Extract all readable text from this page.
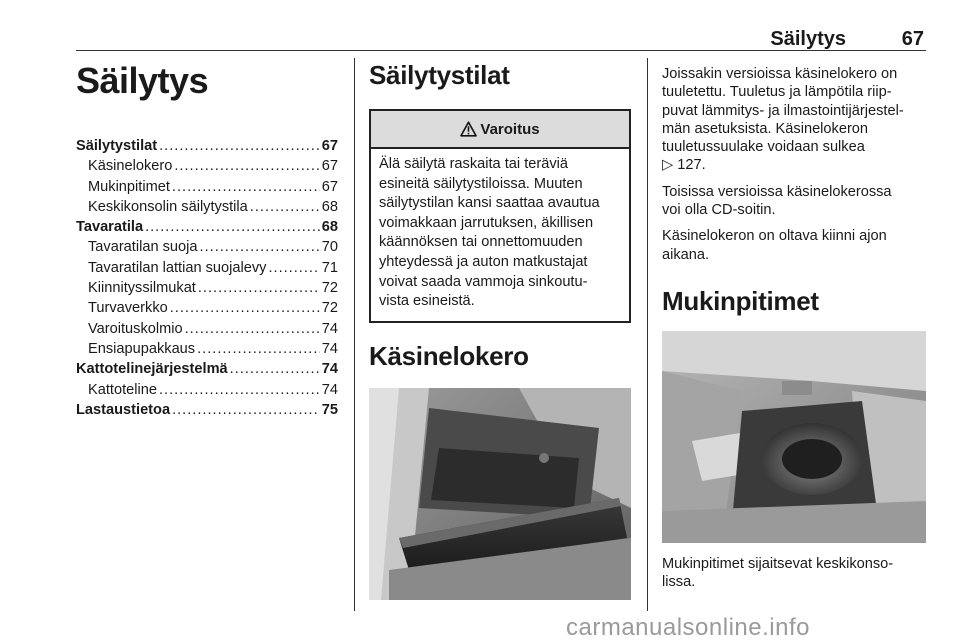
Säilytys	67
Säilytys
Säilytystilat .....	67
Käsinelokero .....	67
Mukinpitimet .....	67
Keskikonsolin säilytystila .....	68
Tavaratila .....	68
Tavaratilan suoja .....	70
Tavaratilan lattian suojalevy .....	71
Kiinnityssilmukat .....	72
Turvaverkko .....	72
Varoituskolmio .....	74
Ensiapupakkaus .....	74
Kattotelinejärjestelmä .....	74
Kattoteline .....	74
Lastaustietoa .....	75
Säilytystilat
Varoitus
Älä säilytä raskaita tai teräviä
esineitä säilytystiloissa. Muuten
säilytystilan kansi saattaa avautua
voimakkaan jarrutuksen, äkillisen
käännöksen tai onnettomuuden
yhteydessä ja auton matkustajat
voivat saada vammoja sinkoutu-
vista esineistä.
Käsinelokero

Joissakin versioissa käsinelokero on
tuuletettu. Tuuletus ja lämpötila riip-
puvat lämmitys- ja ilmastointijärjestel-
män asetuksista. Käsinelokeron
tuuletussuulake voidaan sulkea
▷ 127.

Toisissa versioissa käsinelokerossa
voi olla CD-soitin.

Käsinelokeron on oltava kiinni ajon
aikana.

Mukinpitimet
Mukinpitimet sijaitsevat keskikonso-
lissa.
carmanualsonline.info
